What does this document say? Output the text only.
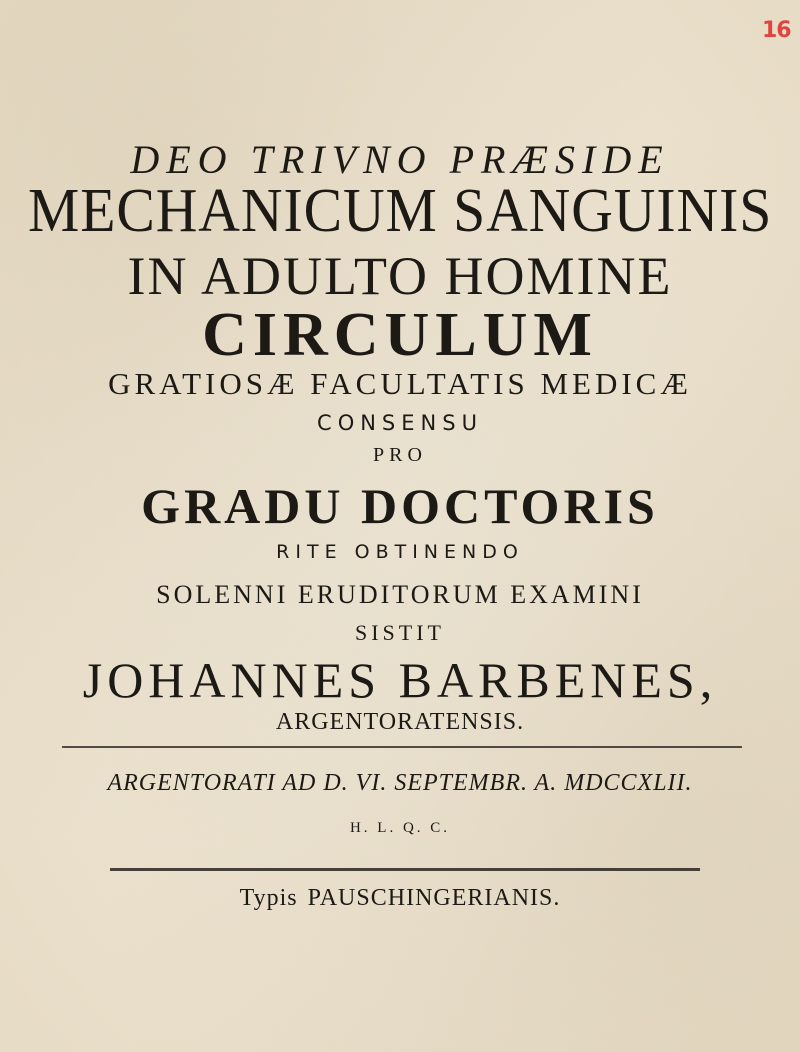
16
DEO TRIVNO PRÆSIDE
MECHANICUM SANGUINIS
IN ADULTO HOMINE
CIRCULUM
GRATIOSÆ FACULTATIS MEDICÆ
CONSENSU
PRO
GRADU DOCTORIS
RITE OBTINENDO
SOLENNI ERUDITORUM EXAMINI
SISTIT
JOHANNES BARBENES,
ARGENTORATENSIS.
ARGENTORATI AD D. VI. SEPTEMBR. A. MDCCXLII.
H. L. Q. C.
Typis PAUSCHINGERIANIS.
